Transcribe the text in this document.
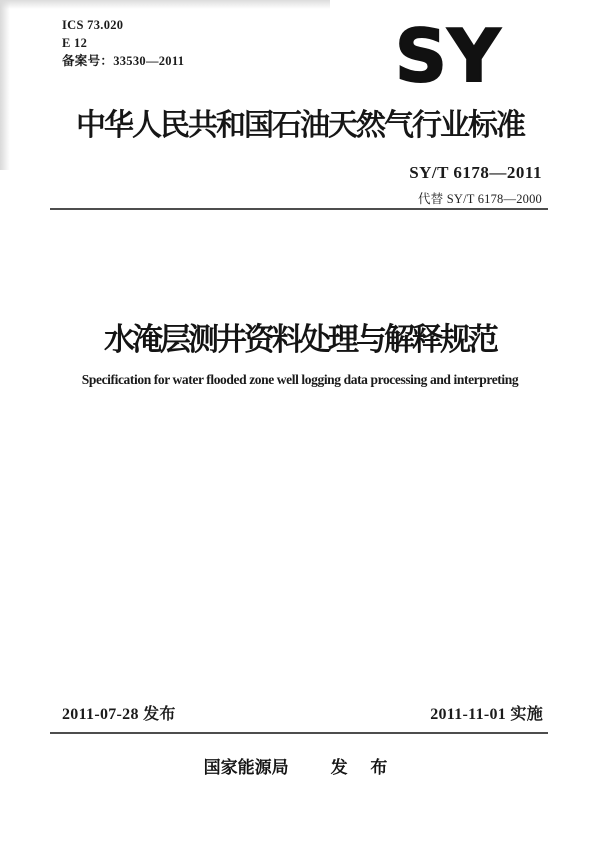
ICS 73.020
E 12
备案号：33530—2011	SY
中华人民共和国石油天然气行业标准
SY/T 6178—2011
代替 SY/T 6178—2000
水淹层测井资料处理与解释规范
Specification for water flooded zone well logging data processing and interpreting
2011-07-28 发布	2011-11-01 实施
国家能源局 发 布
